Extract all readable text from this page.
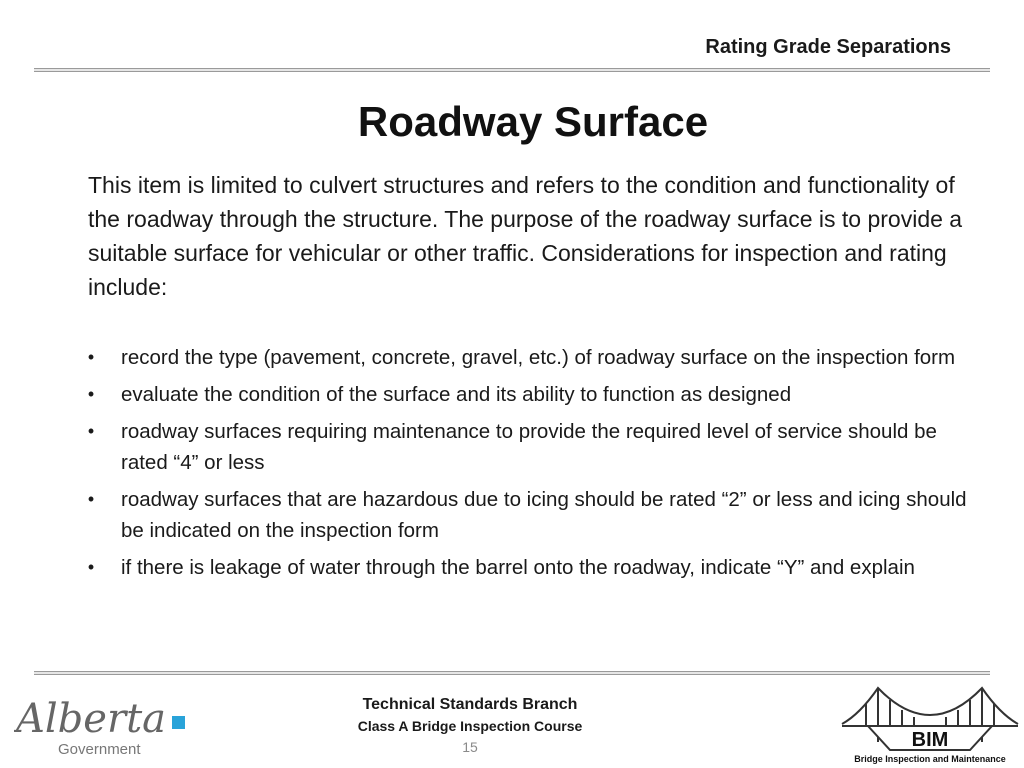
Rating Grade Separations
Roadway Surface

This item is limited to culvert structures and refers to the condition and functionality of the roadway through the structure. The purpose of the roadway surface is to provide a suitable surface for vehicular or other traffic. Considerations for inspection and rating include:

• record the type (pavement, concrete, gravel, etc.) of roadway surface on the inspection form
• evaluate the condition of the surface and its ability to function as designed
• roadway surfaces requiring maintenance to provide the required level of service should be rated “4” or less
• roadway surfaces that are hazardous due to icing should be rated “2” or less and icing should be indicated on the inspection form
• if there is leakage of water through the barrel onto the roadway, indicate “Y” and explain
Alberta
Government
Technical Standards Branch
Class A Bridge Inspection Course
15	BIM
Bridge Inspection and Maintenance
